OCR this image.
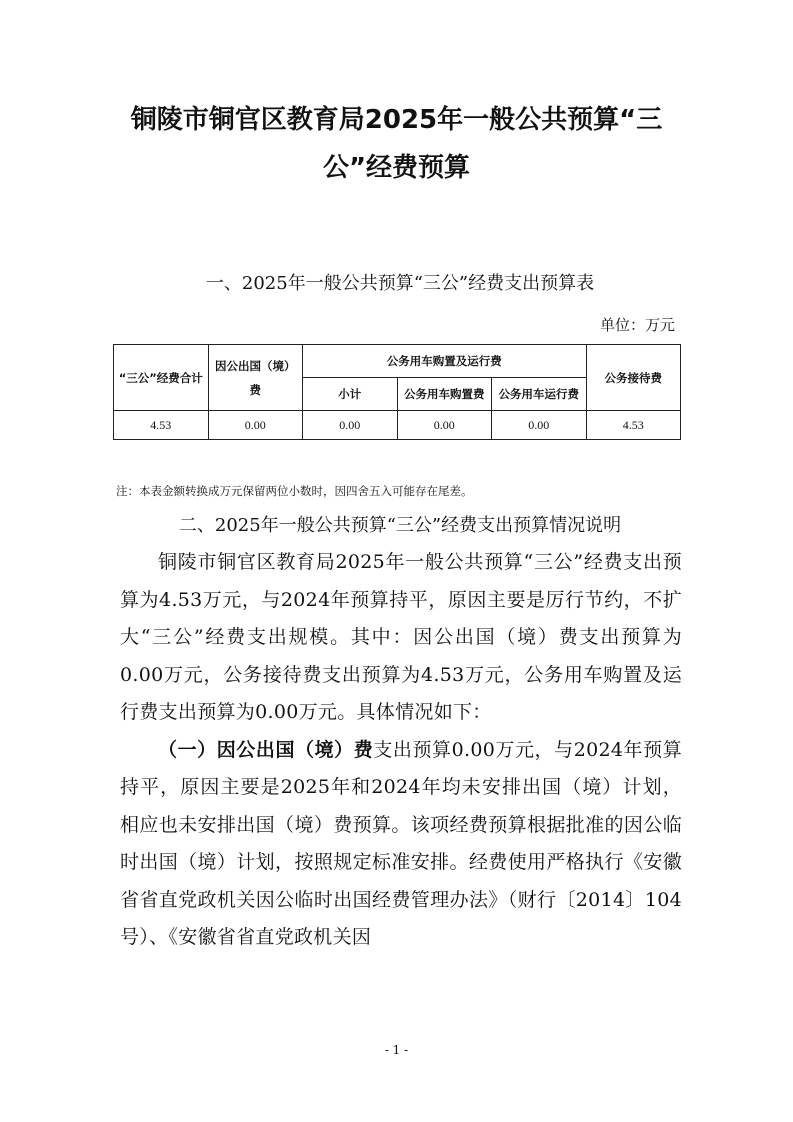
铜陵市铜官区教育局2025年一般公共预算“三公”经费预算
一、2025年一般公共预算“三公”经费支出预算表
单位：万元
“三公”经费合计	因公出国（境）费	公务用车购置及运行费			公务接待费
		小计	公务用车购置费	公务用车运行费	
4.53	0.00	0.00	0.00	0.00	4.53
注：本表金额转换成万元保留两位小数时，因四舍五入可能存在尾差。
二、2025年一般公共预算“三公”经费支出预算情况说明

铜陵市铜官区教育局2025年一般公共预算“三公”经费支出预算为4.53万元，与2024年预算持平，原因主要是厉行节约，不扩大“三公”经费支出规模。其中：因公出国（境）费支出预算为0.00万元，公务接待费支出预算为4.53万元，公务用车购置及运行费支出预算为0.00万元。具体情况如下：

（一）因公出国（境）费支出预算0.00万元，与2024年预算持平，原因主要是2025年和2024年均未安排出国（境）计划，相应也未安排出国（境）费预算。该项经费预算根据批准的因公临时出国（境）计划，按照规定标准安排。经费使用严格执行《安徽省省直党政机关因公临时出国经费管理办法》（财行〔2014〕104号）、《安徽省省直党政机关因

- 1 -
